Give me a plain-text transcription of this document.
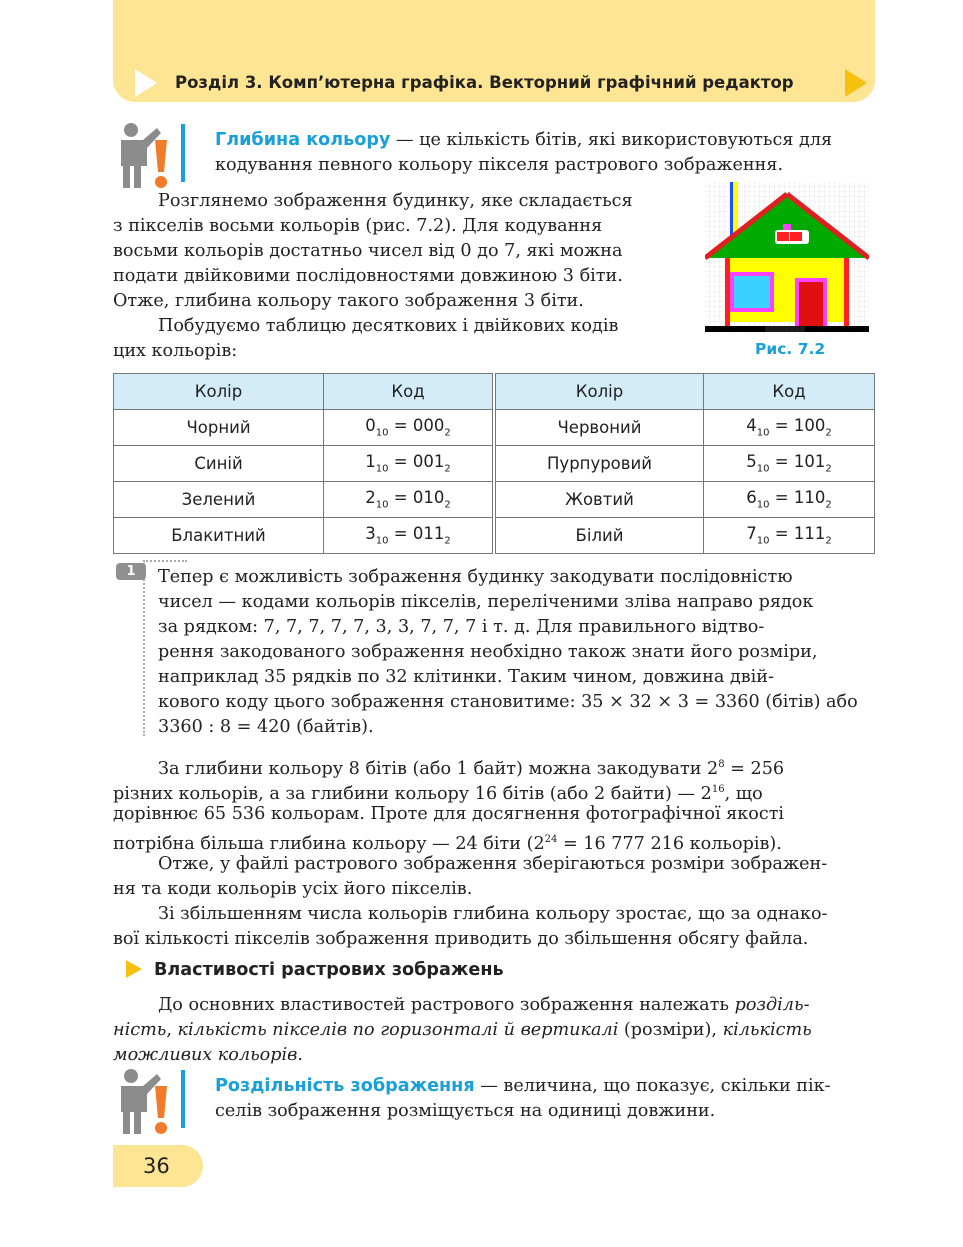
Розділ 3. Комп’ютерна графіка. Векторний графічний редактор
Глибина кольору — це кількість бітів, які використовуються для
кодування певного кольору пікселя растрового зображення.
Розглянемо зображення будинку, яке складається
з пікселів восьми кольорів (рис. 7.2). Для кодування
восьми кольорів достатньо чисел від 0 до 7, які можна
подати двійковими послідовностями довжиною 3 біти.
Отже, глибина кольору такого зображення 3 біти.
Побудуємо таблицю десяткових і двійкових кодів
цих кольорів:	Рис. 7.2
Колір	Код		Колір	Код
Чорний	$0_{10} = 000_2$		Червоний	$4_{10} = 100_2$
Синій	$1_{10} = 001_2$		Пурпуровий	$5_{10} = 101_2$
Зелений	$2_{10} = 010_2$		Жовтий	$6_{10} = 110_2$
Блакитний	$3_{10} = 011_2$		Білий	$7_{10} = 111_2$
1	Тепер є можливість зображення будинку закодувати послідовністю
чисел — кодами кольорів пікселів, переліченими зліва направо рядок
за рядком: 7, 7, 7, 7, 7, 3, 3, 7, 7, 7 і т. д. Для правильного відтво-
рення закодованого зображення необхідно також знати його розміри,
наприклад 35 рядків по 32 клітинки. Таким чином, довжина двій-
кового коду цього зображення становитиме: 35 × 32 × 3 = 3360 (бітів) або
3360 : 8 = 420 (байтів).
За глибини кольору 8 бітів (або 1 байт) можна закодувати $2^8 = 256$
різних кольорів, а за глибини кольору 16 бітів (або 2 байти) — $2^{16}$, що
дорівнює 65 536 кольорам. Проте для досягнення фотографічної якості
потрібна більша глибина кольору — 24 біти ($2^{24} = 16$ 777 216 кольорів).
Отже, у файлі растрового зображення зберігаються розміри зображен-
ня та коди кольорів усіх його пікселів.
Зі збільшенням числа кольорів глибина кольору зростає, що за однако-
вої кількості пікселів зображення приводить до збільшення обсягу файла.
Властивості растрових зображень
До основних властивостей растрового зображення належать розділь-
ність, кількість пікселів по горизонталі й вертикалі (розміри), кількість
можливих кольорів.
Роздільність зображення — величина, що показує, скільки пік-
селів зображення розміщується на одиниці довжини.
36
